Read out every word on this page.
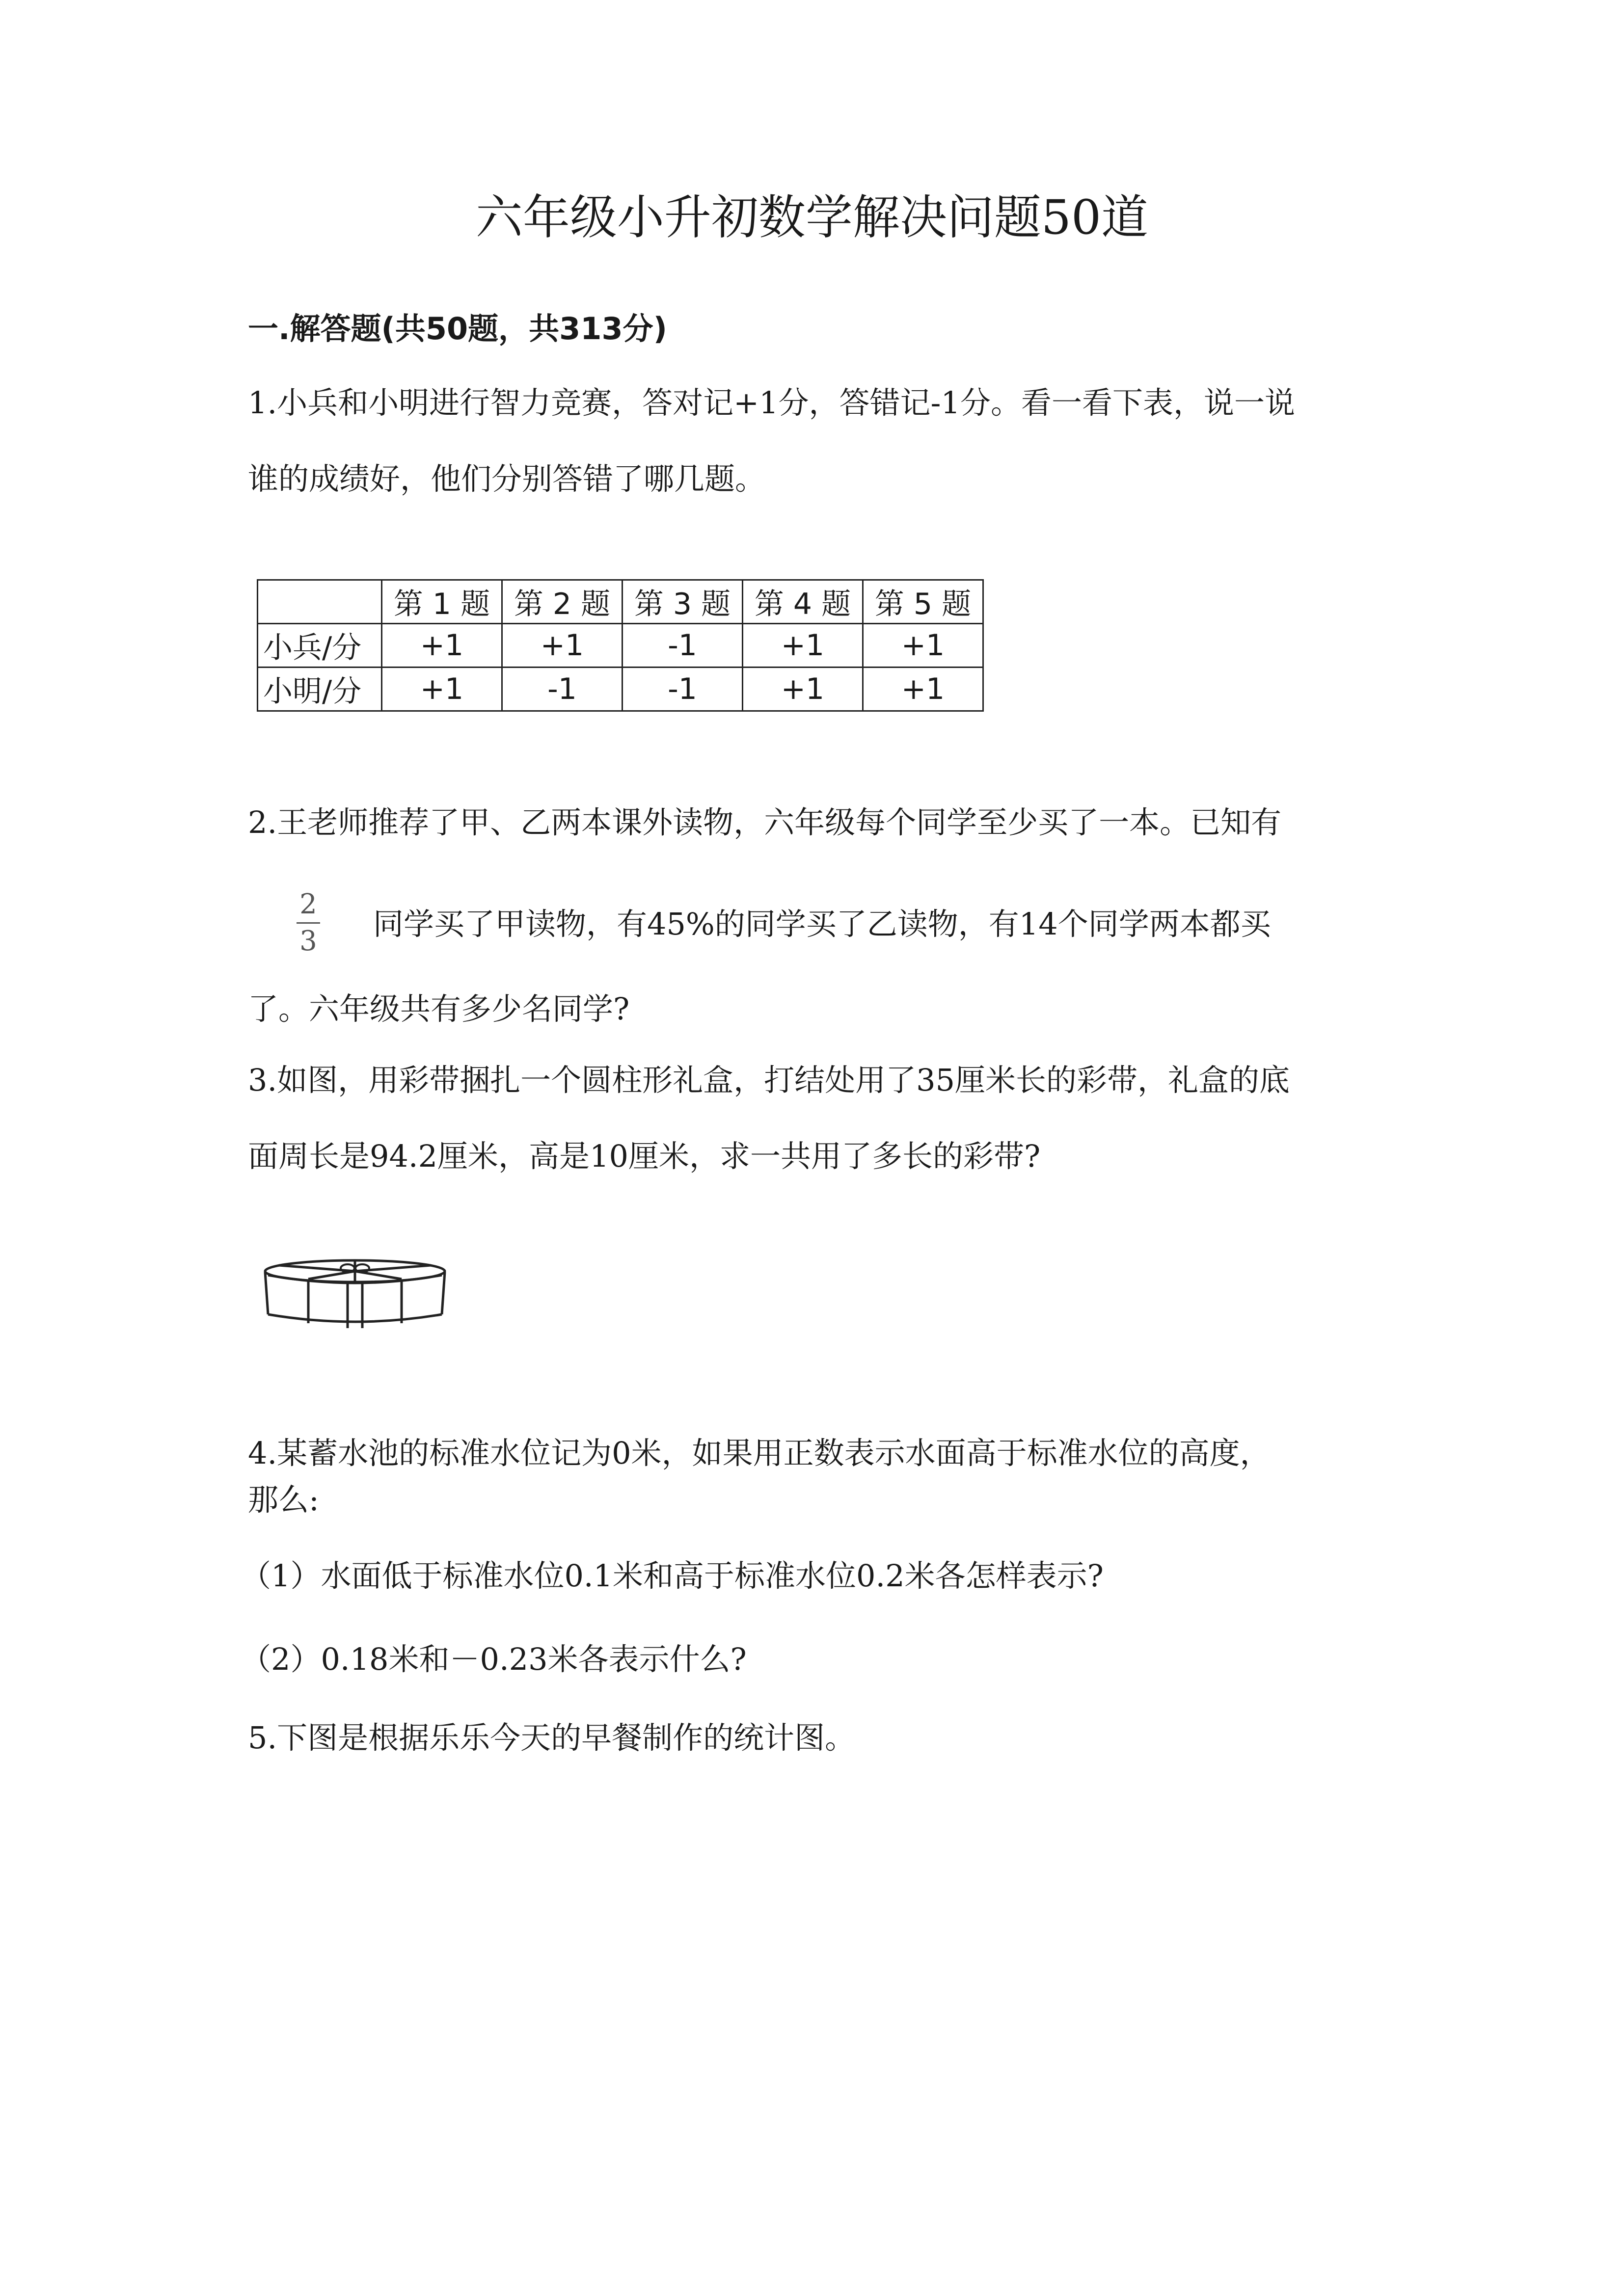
六年级小升初数学解决问题50道
一.解答题(共50题，共313分)
1.小兵和小明进行智力竞赛，答对记+1分，答错记-1分。看一看下表，说一说
谁的成绩好，他们分别答错了哪几题。
	第 1 题	第 2 题	第 3 题	第 4 题	第 5 题
小兵/分	+1	+1	-1	+1	+1
小明/分	+1	-1	-1	+1	+1
2.王老师推荐了甲、乙两本课外读物，六年级每个同学至少买了一本。已知有
2
3 同学买了甲读物，有45%的同学买了乙读物，有14个同学两本都买
了。六年级共有多少名同学?
3.如图，用彩带捆扎一个圆柱形礼盒，打结处用了35厘米长的彩带，礼盒的底
面周长是94.2厘米，高是10厘米，求一共用了多长的彩带?
4.某蓄水池的标准水位记为0米，如果用正数表示水面高于标准水位的高度，
那么:
（1）水面低于标准水位0.1米和高于标准水位0.2米各怎样表示?
（2）0.18米和－0.23米各表示什么?
5.下图是根据乐乐今天的早餐制作的统计图。
